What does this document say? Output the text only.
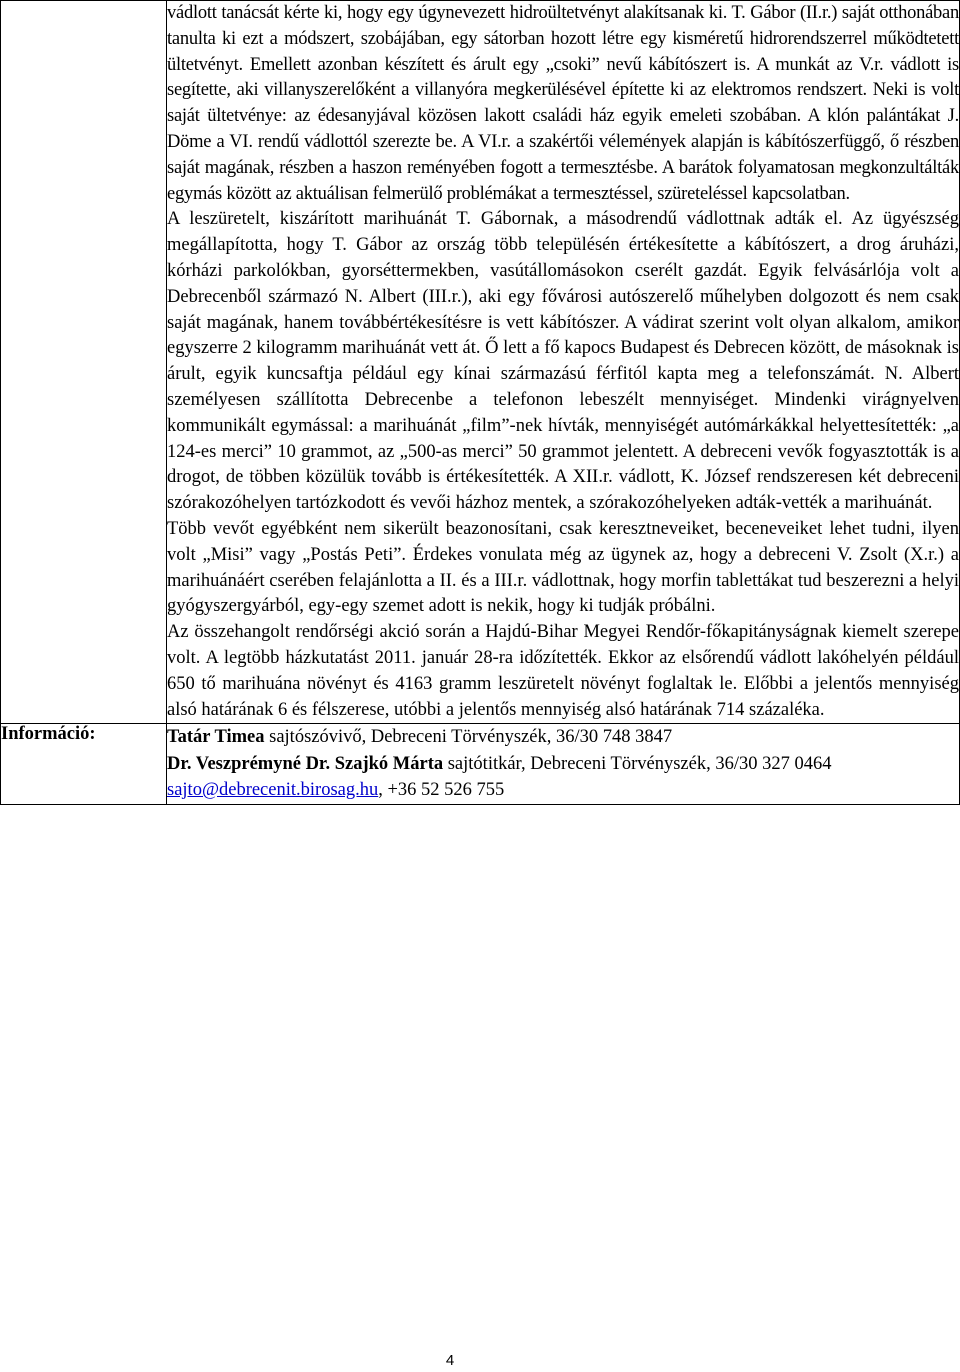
	vádlott tanácsát kérte ki, hogy egy úgynevezett hidroültetvényt alakítsanak ki. T. Gábor (II.r.) saját otthonában tanulta ki ezt a módszert, szobájában, egy sátorban hozott létre egy kisméretű hidrorendszerrel működtetett ültetvényt. Emellett azonban készített és árult egy „csoki” nevű kábítószert is. A munkát az V.r. vádlott is segítette, aki villanyszerelőként a villanyóra megkerülésével építette ki az elektromos rendszert. Neki is volt saját ültetvénye: az édesanyjával közösen lakott családi ház egyik emeleti szobában. A klón palántákat J. Döme a VI. rendű vádlottól szerezte be. A VI.r. a szakértői vélemények alapján is kábítószerfüggő, ő részben saját magának, részben a haszon reményében fogott a termesztésbe. A barátok folyamatosan megkonzultálták egymás között az aktuálisan felmerülő problémákat a termesztéssel, szüreteléssel kapcsolatban.

A leszüretelt, kiszárított marihuánát T. Gábornak, a másodrendű vádlottnak adták el. Az ügyészség megállapította, hogy T. Gábor az ország több településén értékesítette a kábítószert, a drog áruházi, kórházi parkolókban, gyorséttermekben, vasútállomásokon cserélt gazdát. Egyik felvásárlója volt a Debrecenből származó N. Albert (III.r.), aki egy fővárosi autószerelő műhelyben dolgozott és nem csak saját magának, hanem továbbértékesítésre is vett kábítószer. A vádirat szerint volt olyan alkalom, amikor egyszerre 2 kilogramm marihuánát vett át. Ő lett a fő kapocs Budapest és Debrecen között, de másoknak is árult, egyik kuncsaftja például egy kínai származású férfitól kapta meg a telefonszámát. N. Albert személyesen szállította Debrecenbe a telefonon lebeszélt mennyiséget. Mindenki virágnyelven kommunikált egymással: a marihuánát „film”-nek hívták, mennyiségét autómárkákkal helyettesítették: „a 124-es merci” 10 grammot, az „500-as merci” 50 grammot jelentett. A debreceni vevők fogyasztották is a drogot, de többen közülük tovább is értékesítették. A XII.r. vádlott, K. József rendszeresen két debreceni szórakozóhelyen tartózkodott és vevői házhoz mentek, a szórakozóhelyeken adták-vették a marihuánát.

Több vevőt egyébként nem sikerült beazonosítani, csak keresztneveiket, beceneveiket lehet tudni, ilyen volt „Misi” vagy „Postás Peti”. Érdekes vonulata még az ügynek az, hogy a debreceni V. Zsolt (X.r.) a marihuánáért cserében felajánlotta a II. és a III.r. vádlottnak, hogy morfin tablettákat tud beszerezni a helyi gyógyszergyárból, egy-egy szemet adott is nekik, hogy ki tudják próbálni.

Az összehangolt rendőrségi akció során a Hajdú-Bihar Megyei Rendőr-főkapitányságnak kiemelt szerepe volt. A legtöbb házkutatást 2011. január 28-ra időzítették. Ekkor az elsőrendű vádlott lakóhelyén például 650 tő marihuána növényt és 4163 gramm leszüretelt növényt foglaltak le. Előbbi a jelentős mennyiség alsó határának 6 és félszerese, utóbbi a jelentős mennyiség alsó határának 714 százaléka.

Információ:	Tatár Timea sajtószóvivő, Debreceni Törvényszék, 36/30 748 3847

Dr. Veszprémyné Dr. Szajkó Márta sajtótitkár, Debreceni Törvényszék, 36/30 327 0464

sajto@debrecenit.birosag.hu, +36 52 526 755

4
